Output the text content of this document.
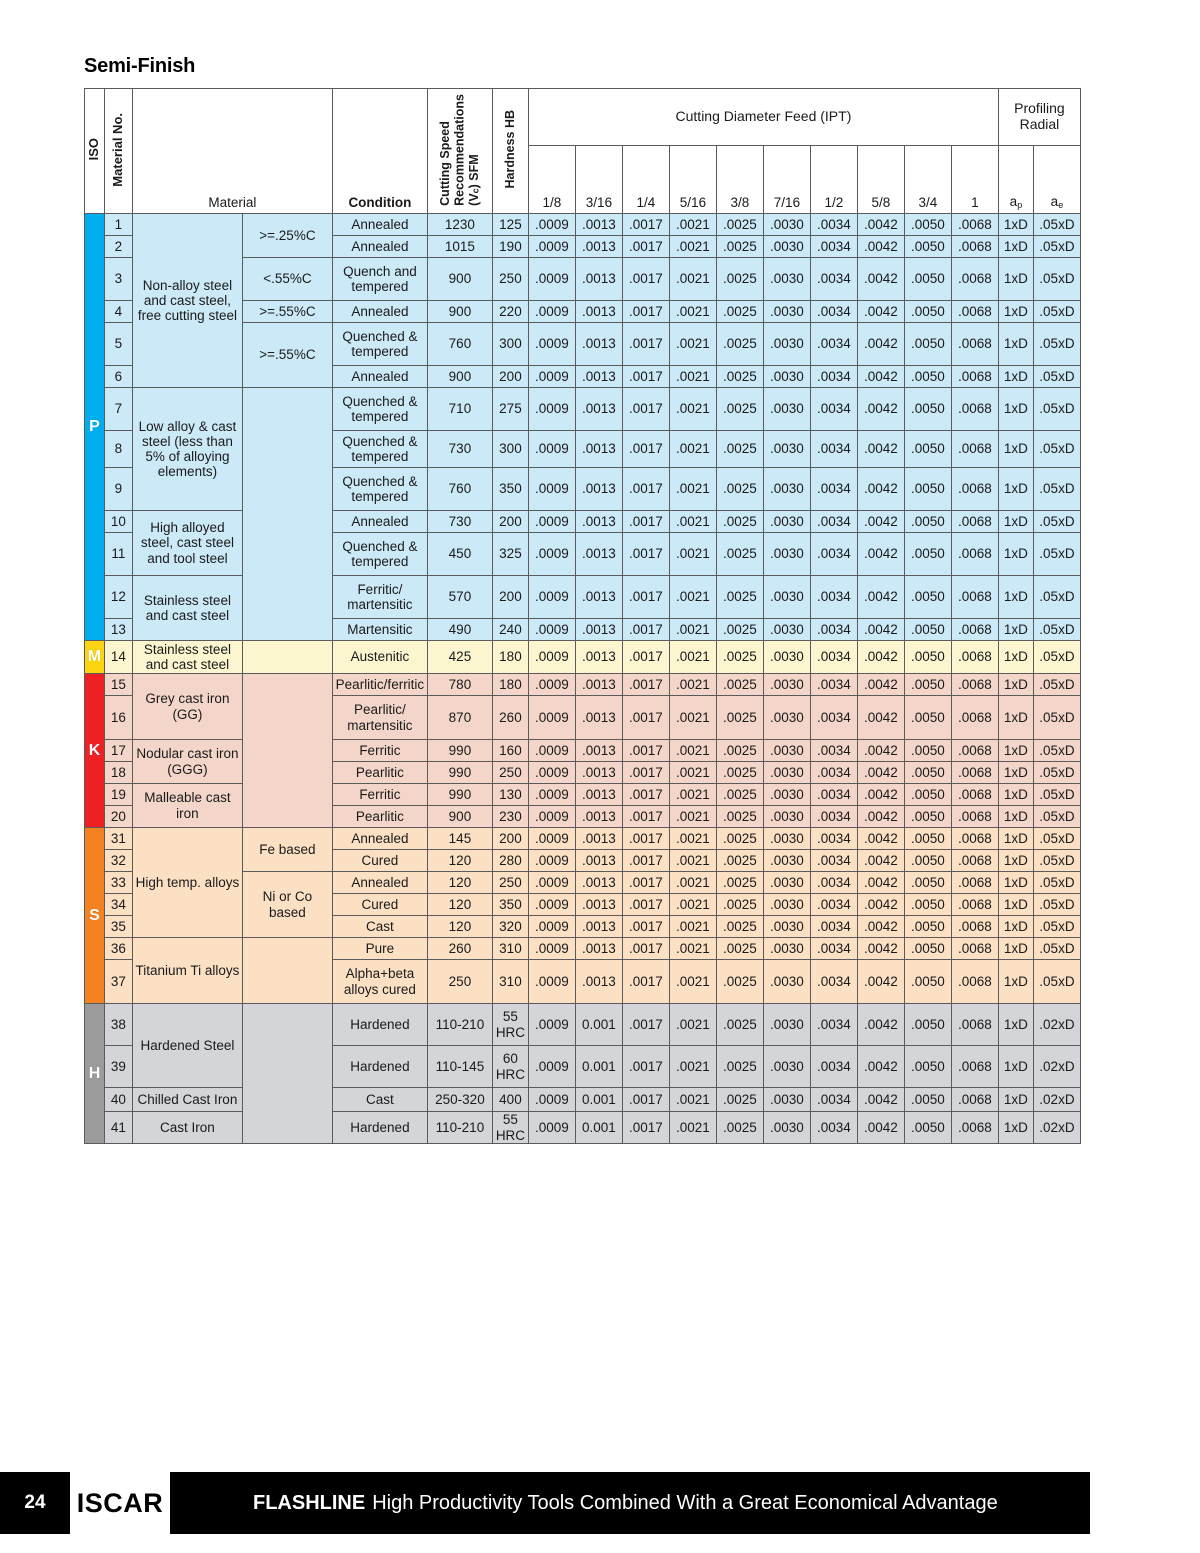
Semi-Finish
ISO	Material No.	Material		Condition	Cutting Speed
Recommendations
$(V_c)$ SFM	Hardness HB	Cutting Diameter Feed (IPT)										Profiling
Radial	
							1/8	3/16	1/4	5/16	3/8	7/16	1/2	5/8	3/4	1	$a_p$	$a_e$
P	1	Non-alloy steel and cast steel, free cutting steel	>=.25%C	Annealed	1230	125	.0009	.0013	.0017	.0021	.0025	.0030	.0034	.0042	.0050	.0068	1xD	.05xD
	2			Annealed	1015	190	.0009	.0013	.0017	.0021	.0025	.0030	.0034	.0042	.0050	.0068	1xD	.05xD
	3		<.55%C	Quench and tempered	900	250	.0009	.0013	.0017	.0021	.0025	.0030	.0034	.0042	.0050	.0068	1xD	.05xD
	4		>=.55%C	Annealed	900	220	.0009	.0013	.0017	.0021	.0025	.0030	.0034	.0042	.0050	.0068	1xD	.05xD
	5		>=.55%C	Quenched & tempered	760	300	.0009	.0013	.0017	.0021	.0025	.0030	.0034	.0042	.0050	.0068	1xD	.05xD
	6			Annealed	900	200	.0009	.0013	.0017	.0021	.0025	.0030	.0034	.0042	.0050	.0068	1xD	.05xD
	7	Low alloy & cast steel (less than 5% of alloying elements)		Quenched & tempered	710	275	.0009	.0013	.0017	.0021	.0025	.0030	.0034	.0042	.0050	.0068	1xD	.05xD
	8			Quenched & tempered	730	300	.0009	.0013	.0017	.0021	.0025	.0030	.0034	.0042	.0050	.0068	1xD	.05xD
	9			Quenched & tempered	760	350	.0009	.0013	.0017	.0021	.0025	.0030	.0034	.0042	.0050	.0068	1xD	.05xD
	10	High alloyed steel, cast steel and tool steel		Annealed	730	200	.0009	.0013	.0017	.0021	.0025	.0030	.0034	.0042	.0050	.0068	1xD	.05xD
	11			Quenched & tempered	450	325	.0009	.0013	.0017	.0021	.0025	.0030	.0034	.0042	.0050	.0068	1xD	.05xD
	12	Stainless steel and cast steel		Ferritic/ martensitic	570	200	.0009	.0013	.0017	.0021	.0025	.0030	.0034	.0042	.0050	.0068	1xD	.05xD
	13			Martensitic	490	240	.0009	.0013	.0017	.0021	.0025	.0030	.0034	.0042	.0050	.0068	1xD	.05xD
M	14	Stainless steel and cast steel		Austenitic	425	180	.0009	.0013	.0017	.0021	.0025	.0030	.0034	.0042	.0050	.0068	1xD	.05xD
K	15	Grey cast iron (GG)		Pearlitic/ferritic	780	180	.0009	.0013	.0017	.0021	.0025	.0030	.0034	.0042	.0050	.0068	1xD	.05xD
	16			Pearlitic/ martensitic	870	260	.0009	.0013	.0017	.0021	.0025	.0030	.0034	.0042	.0050	.0068	1xD	.05xD
	17	Nodular cast iron (GGG)		Ferritic	990	160	.0009	.0013	.0017	.0021	.0025	.0030	.0034	.0042	.0050	.0068	1xD	.05xD
	18			Pearlitic	990	250	.0009	.0013	.0017	.0021	.0025	.0030	.0034	.0042	.0050	.0068	1xD	.05xD
	19	Malleable cast iron		Ferritic	990	130	.0009	.0013	.0017	.0021	.0025	.0030	.0034	.0042	.0050	.0068	1xD	.05xD
	20			Pearlitic	900	230	.0009	.0013	.0017	.0021	.0025	.0030	.0034	.0042	.0050	.0068	1xD	.05xD
S	31	High temp. alloys	Fe based	Annealed	145	200	.0009	.0013	.0017	.0021	.0025	.0030	.0034	.0042	.0050	.0068	1xD	.05xD
	32			Cured	120	280	.0009	.0013	.0017	.0021	.0025	.0030	.0034	.0042	.0050	.0068	1xD	.05xD
	33		Ni or Co based	Annealed	120	250	.0009	.0013	.0017	.0021	.0025	.0030	.0034	.0042	.0050	.0068	1xD	.05xD
	34			Cured	120	350	.0009	.0013	.0017	.0021	.0025	.0030	.0034	.0042	.0050	.0068	1xD	.05xD
	35			Cast	120	320	.0009	.0013	.0017	.0021	.0025	.0030	.0034	.0042	.0050	.0068	1xD	.05xD
	36	Titanium Ti alloys		Pure	260	310	.0009	.0013	.0017	.0021	.0025	.0030	.0034	.0042	.0050	.0068	1xD	.05xD
	37			Alpha+beta alloys cured	250	310	.0009	.0013	.0017	.0021	.0025	.0030	.0034	.0042	.0050	.0068	1xD	.05xD
H	38	Hardened Steel		Hardened	110-210	55 HRC	.0009	0.001	.0017	.0021	.0025	.0030	.0034	.0042	.0050	.0068	1xD	.02xD
	39			Hardened	110-145	60 HRC	.0009	0.001	.0017	.0021	.0025	.0030	.0034	.0042	.0050	.0068	1xD	.02xD
	40	Chilled Cast Iron		Cast	250-320	400	.0009	0.001	.0017	.0021	.0025	.0030	.0034	.0042	.0050	.0068	1xD	.02xD
	41	Cast Iron		Hardened	110-210	55 HRC	.0009	0.001	.0017	.0021	.0025	.0030	.0034	.0042	.0050	.0068	1xD	.02xD
24	ISCAR	FLASHLINE High Productivity Tools Combined With a Great Economical Advantage
